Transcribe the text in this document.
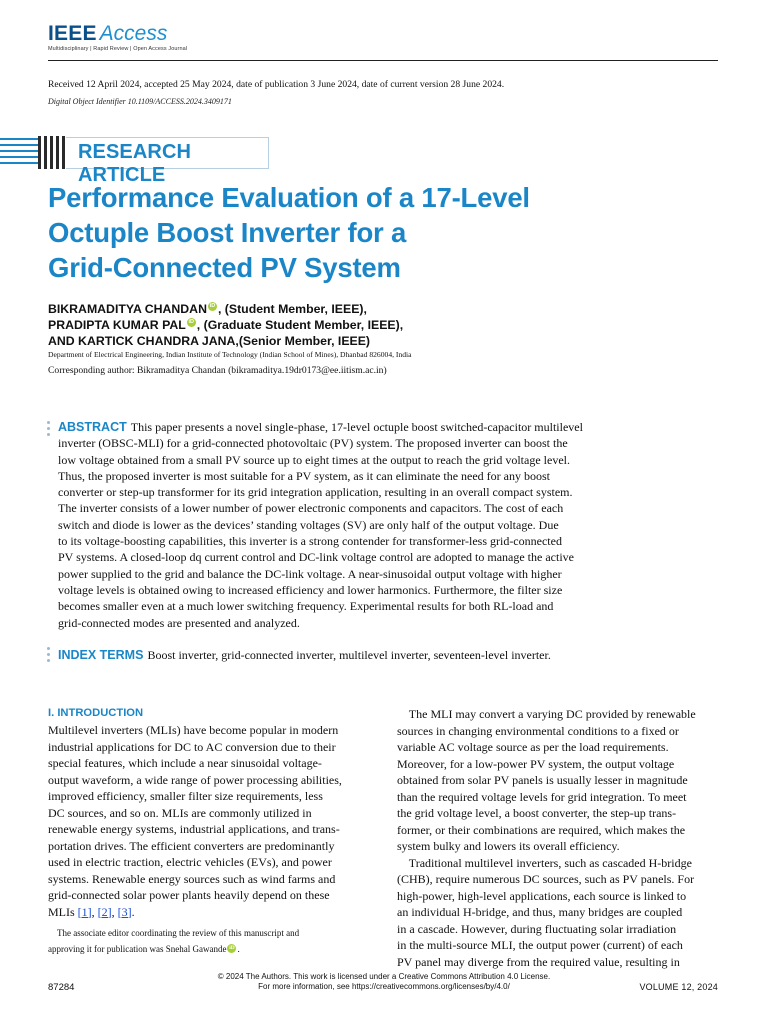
IEEE Access
Multidisciplinary | Rapid Review | Open Access Journal
Received 12 April 2024, accepted 25 May 2024, date of publication 3 June 2024, date of current version 28 June 2024.
Digital Object Identifier 10.1109/ACCESS.2024.3409171
RESEARCH ARTICLE
Performance Evaluation of a 17-Level
Octuple Boost Inverter for a
Grid-Connected PV System
BIKRAMADITYA CHANDAN iD , (Student Member, IEEE),
PRADIPTA KUMAR PAL iD , (Graduate Student Member, IEEE),
AND KARTICK CHANDRA JANA, (Senior Member, IEEE)
Department of Electrical Engineering, Indian Institute of Technology (Indian School of Mines), Dhanbad 826004, India
Corresponding author: Bikramaditya Chandan (bikramaditya.19dr0173@ee.iitism.ac.in)
ABSTRACT This paper presents a novel single-phase, 17-level octuple boost switched-capacitor multilevel
inverter (OBSC-MLI) for a grid-connected photovoltaic (PV) system. The proposed inverter can boost the
low voltage obtained from a small PV source up to eight times at the output to reach the grid voltage level.
Thus, the proposed inverter is most suitable for a PV system, as it can eliminate the need for any boost
converter or step-up transformer for its grid integration application, resulting in an overall compact system.
The inverter consists of a lower number of power electronic components and capacitors. The cost of each
switch and diode is lower as the devices’ standing voltages (SV) are only half of the output voltage. Due
to its voltage-boosting capabilities, this inverter is a strong contender for transformer-less grid-connected
PV systems. A closed-loop dq current control and DC-link voltage control are adopted to manage the active
power supplied to the grid and balance the DC-link voltage. A near-sinusoidal output voltage with higher
voltage levels is obtained owing to increased efficiency and lower harmonics. Furthermore, the filter size
becomes smaller even at a much lower switching frequency. Experimental results for both RL-load and
grid-connected modes are presented and analyzed.
INDEX TERMS Boost inverter, grid-connected inverter, multilevel inverter, seventeen-level inverter.
I. INTRODUCTION
Multilevel inverters (MLIs) have become popular in modern
industrial applications for DC to AC conversion due to their
special features, which include a near sinusoidal voltage-
output waveform, a wide range of power processing abilities,
improved efficiency, smaller filter size requirements, less
DC sources, and so on. MLIs are commonly utilized in
renewable energy systems, industrial applications, and trans-
portation drives. The efficient converters are predominantly
used in electric traction, electric vehicles (EVs), and power
systems. Renewable energy sources such as wind farms and
grid-connected solar power plants heavily depend on these
MLIs [1], [2], [3].
The associate editor coordinating the review of this manuscript and
approving it for publication was Snehal Gawande iD .
The MLI may convert a varying DC provided by renewable
sources in changing environmental conditions to a fixed or
variable AC voltage source as per the load requirements.
Moreover, for a low-power PV system, the output voltage
obtained from solar PV panels is usually lesser in magnitude
than the required voltage levels for grid integration. To meet
the grid voltage level, a boost converter, the step-up trans-
former, or their combinations are required, which makes the
system bulky and lowers its overall efficiency.
Traditional multilevel inverters, such as cascaded H-bridge
(CHB), require numerous DC sources, such as PV panels. For
high-power, high-level applications, each source is linked to
an individual H-bridge, and thus, many bridges are coupled
in a cascade. However, during fluctuating solar irradiation
in the multi-source MLI, the output power (current) of each
PV panel may diverge from the required value, resulting in
© 2024 The Authors. This work is licensed under a Creative Commons Attribution 4.0 License.
For more information, see https://creativecommons.org/licenses/by/4.0/
87284	VOLUME 12, 2024
